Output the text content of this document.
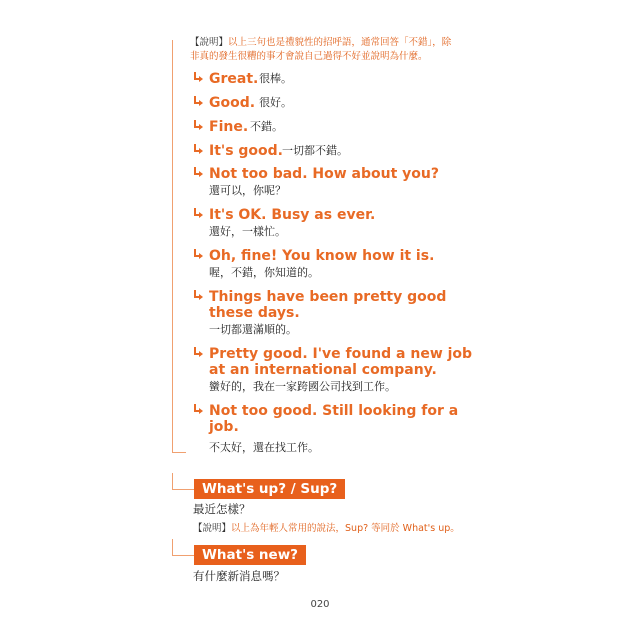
【說明】以上三句也是禮貌性的招呼語，通常回答「不錯」，除
非真的發生很糟的事才會說自己過得不好並說明為什麼。
Great. 很棒。
Good. 很好。
Fine. 不錯。
It's good. 一切都不錯。
Not too bad. How about you?
還可以，你呢？
It's OK. Busy as ever.
還好，一樣忙。
Oh, fine! You know how it is.
喔，不錯，你知道的。
Things have been pretty good
these days.
一切都還滿順的。
Pretty good. I've found a new job
at an international company.
蠻好的，我在一家跨國公司找到工作。
Not too good. Still looking for a
job.
不太好，還在找工作。
What's up? / Sup?
最近怎樣？
【說明】以上為年輕人常用的說法，Sup? 等同於 What's up。
What's new?
有什麼新消息嗎？
020
